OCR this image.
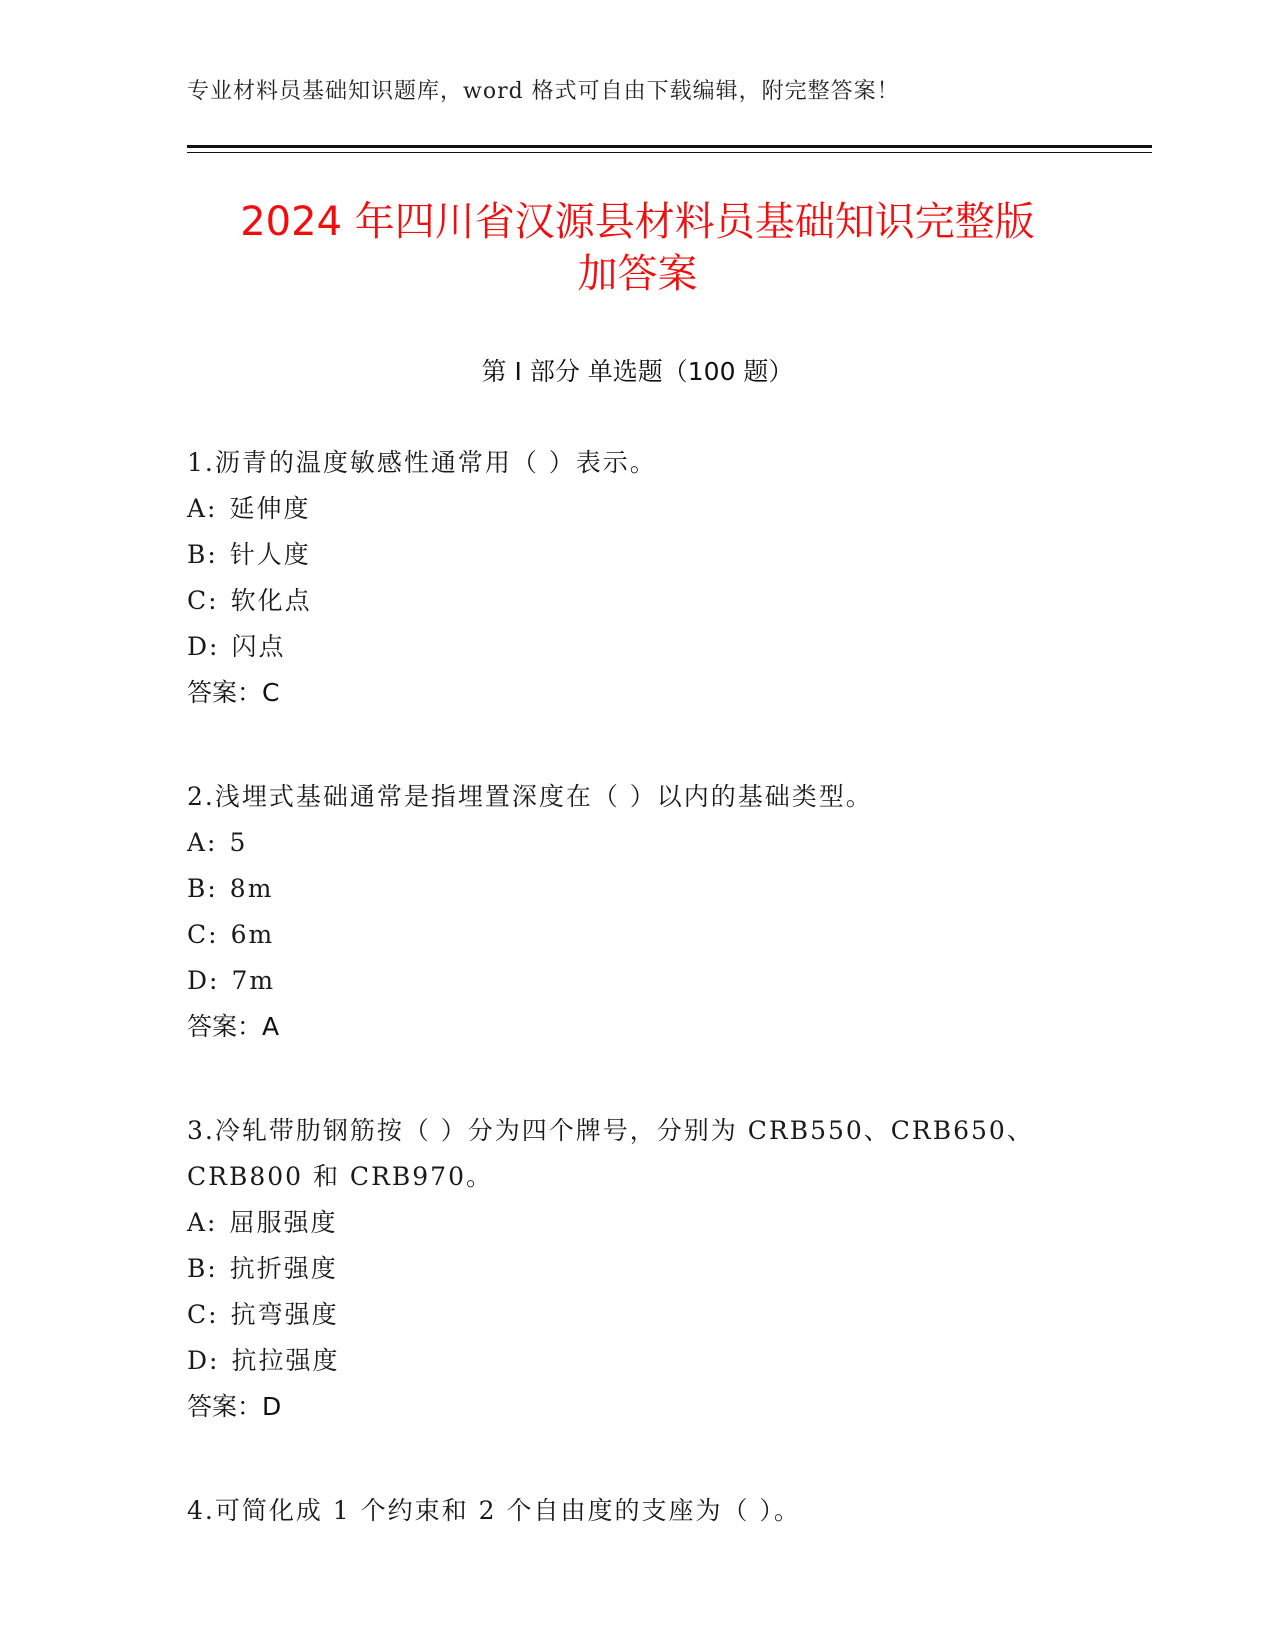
专业材料员基础知识题库，word 格式可自由下载编辑，附完整答案！
2024 年四川省汉源县材料员基础知识完整版
加答案
第 I 部分 单选题（100 题）

1.沥青的温度敏感性通常用（ ）表示。

A: 延伸度

B: 针人度

C: 软化点

D: 闪点

答案：C

2.浅埋式基础通常是指埋置深度在（ ）以内的基础类型。

A: 5

B: 8m

C: 6m

D: 7m

答案：A

3.冷轧带肋钢筋按（ ）分为四个牌号，分别为 CRB550、CRB650、CRB800 和 CRB970。

A: 屈服强度

B: 抗折强度

C: 抗弯强度

D: 抗拉强度

答案：D

4.可简化成 1 个约束和 2 个自由度的支座为（ ）。
